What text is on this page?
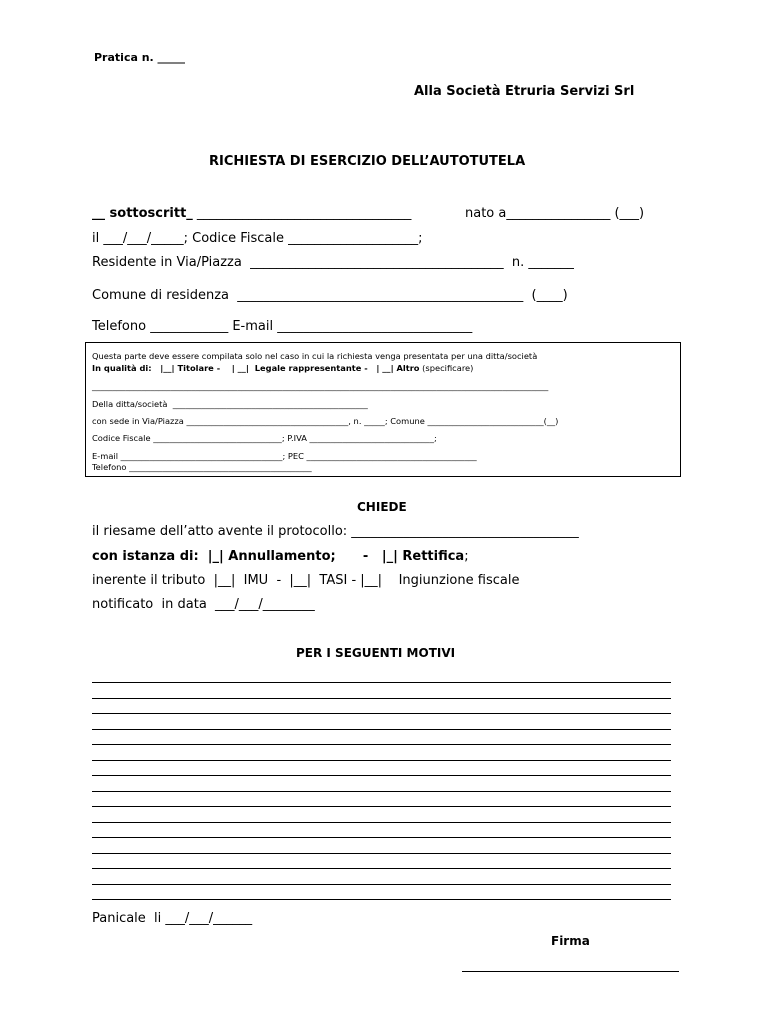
Pratica n. _____
Alla Società Etruria Servizi Srl
RICHIESTA DI ESERCIZIO DELL’AUTOTUTELA
__ sottoscritt_ _________________________________	nato a________________ (___)
il ___/___/_____; Codice Fiscale ____________________;
Residente in Via/Piazza  _______________________________________  n. _______
Comune di residenza  ____________________________________________  (____)
Telefono ____________ E-mail ______________________________
Questa parte deve essere compilata solo nel caso in cui la richiesta venga presentata per una ditta/società
In qualità di:   |__| Titolare -    | __|  Legale rappresentante -   | __| Altro (specificare)
______________________________________________________________________________________________________________
Della ditta/società  _______________________________________________
con sede in Via/Piazza _______________________________________, n. _____; Comune ____________________________(__)
Codice Fiscale _______________________________; P.IVA ______________________________;
E-mail _______________________________________; PEC _________________________________________
Telefono ____________________________________________
CHIEDE
il riesame dell’atto avente il protocollo: ___________________________________
con istanza di:  |_| Annullamento;      -   |_| Rettifica;
inerente il tributo  |__|  IMU  -  |__|  TASI - |__|    Ingiunzione fiscale
notificato  in data  ___/___/________
PER I SEGUENTI MOTIVI
Panicale  li ___/___/______
Firma
